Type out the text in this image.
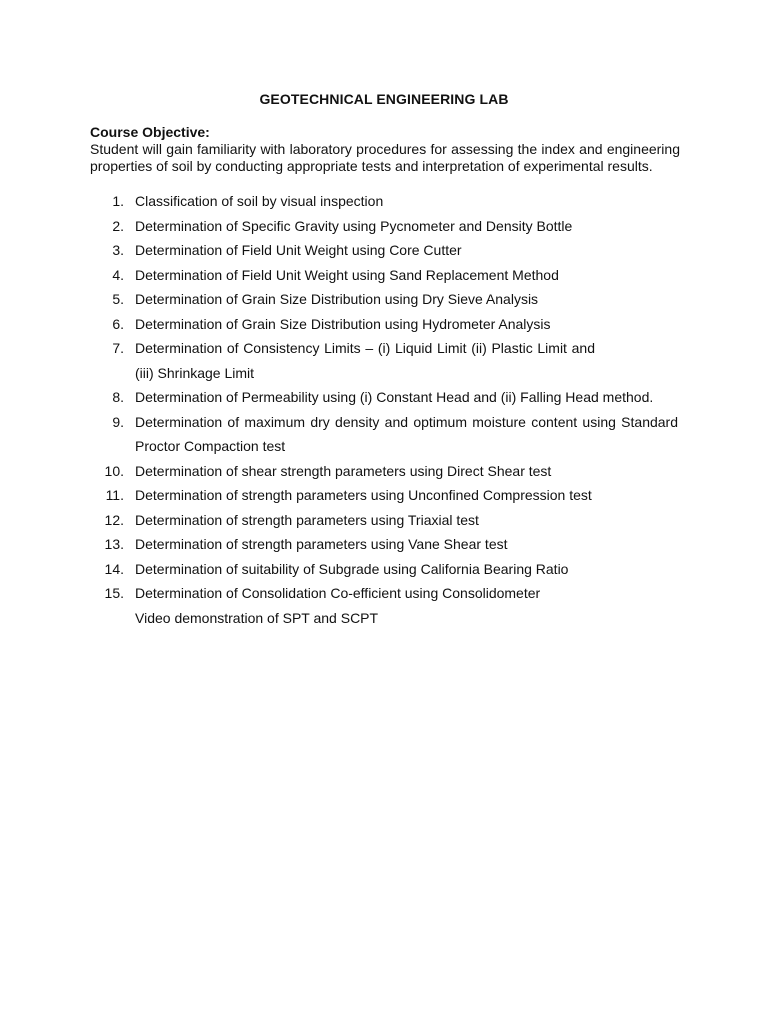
GEOTECHNICAL ENGINEERING LAB
Course Objective:
Student will gain familiarity with laboratory procedures for assessing the index and engineering properties of soil by conducting appropriate tests and interpretation of experimental results.
1. Classification of soil by visual inspection
2. Determination of Specific Gravity using Pycnometer and Density Bottle
3. Determination of Field Unit Weight using Core Cutter
4. Determination of Field Unit Weight using Sand Replacement Method
5. Determination of Grain Size Distribution using Dry Sieve Analysis
6. Determination of Grain Size Distribution using Hydrometer Analysis
7. Determination of Consistency Limits – (i) Liquid Limit (ii) Plastic Limit and (iii) Shrinkage Limit
8. Determination of Permeability using (i) Constant Head and (ii) Falling Head method.
9. Determination of maximum dry density and optimum moisture content using Standard Proctor Compaction test
10. Determination of shear strength parameters using Direct Shear test
11. Determination of strength parameters using Unconfined Compression test
12. Determination of strength parameters using Triaxial test
13. Determination of strength parameters using Vane Shear test
14. Determination of suitability of Subgrade using California Bearing Ratio
15. Determination of Consolidation Co-efficient using Consolidometer
Video demonstration of SPT and SCPT
